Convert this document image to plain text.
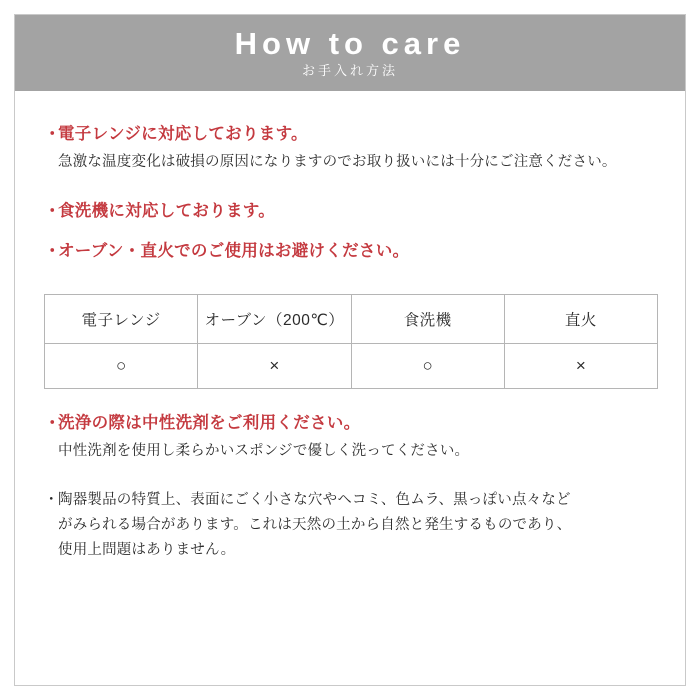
How to care
お手入れ方法
・
電子レンジに対応しております。
急激な温度変化は破損の原因になりますのでお取り扱いには十分にご注意ください。
・
食洗機に対応しております。
・
オーブン・直火でのご使用はお避けください。
電子レンジ	オーブン（200℃）	食洗機	直火
○	×	○	×
・
洗浄の際は中性洗剤をご利用ください。
中性洗剤を使用し柔らかいスポンジで優しく洗ってください。
・ 陶器製品の特質上、表面にごく小さな穴やヘコミ、色ムラ、黒っぽい点々など
がみられる場合があります。これは天然の土から自然と発生するものであり、
使用上問題はありません。
